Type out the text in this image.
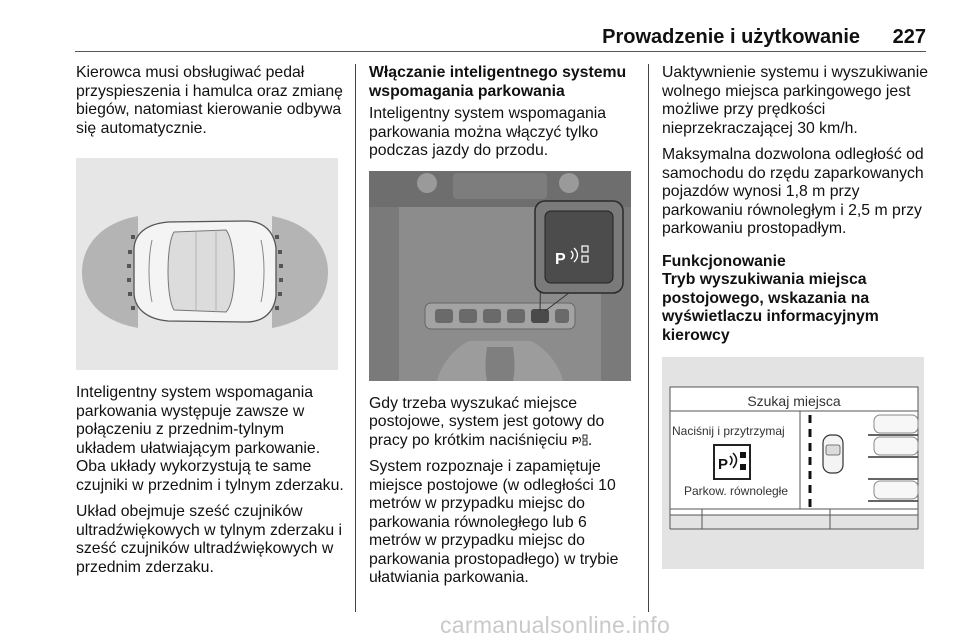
Prowadzenie i użytkowanie 227

Kierowca musi obsługiwać pedał przyspieszenia i hamulca oraz zmianę biegów, natomiast kierowanie odbywa się automatycznie.

Inteligentny system wspomagania parkowania występuje zawsze w połączeniu z przednim-tylnym układem ułatwiającym parkowanie. Oba układy wykorzystują te same czujniki w przednim i tylnym zderzaku.

Układ obejmuje sześć czujników ultradźwiękowych w tylnym zderzaku i sześć czujników ultradźwiękowych w przednim zderzaku.

Włączanie inteligentnego systemu wspomagania parkowania

Inteligentny system wspomagania parkowania można włączyć tylko podczas jazdy do przodu.

P

Gdy trzeba wyszukać miejsce postojowe, system jest gotowy do pracy po krótkim naciśnięciu P .

System rozpoznaje i zapamiętuje miejsce postojowe (w odległości 10 metrów w przypadku miejsc do parkowania równoległego lub 6 metrów w przypadku miejsc do parkowania prostopadłego) w trybie ułatwiania parkowania.

Uaktywnienie systemu i wyszukiwanie wolnego miejsca parkingowego jest możliwe przy prędkości nieprzekraczającej 30 km/h.

Maksymalna dozwolona odległość od samochodu do rzędu zaparkowanych pojazdów wynosi 1,8 m przy parkowaniu równoległym i 2,5 m przy parkowaniu prostopadłym.

Funkcjonowanie
Tryb wyszukiwania miejsca postojowego, wskazania na wyświetlaczu informacyjnym kierowcy
Szukaj miejsca
Naciśnij i przytrzymaj
P
Parkow. równoległe
carmanualsonline.info
